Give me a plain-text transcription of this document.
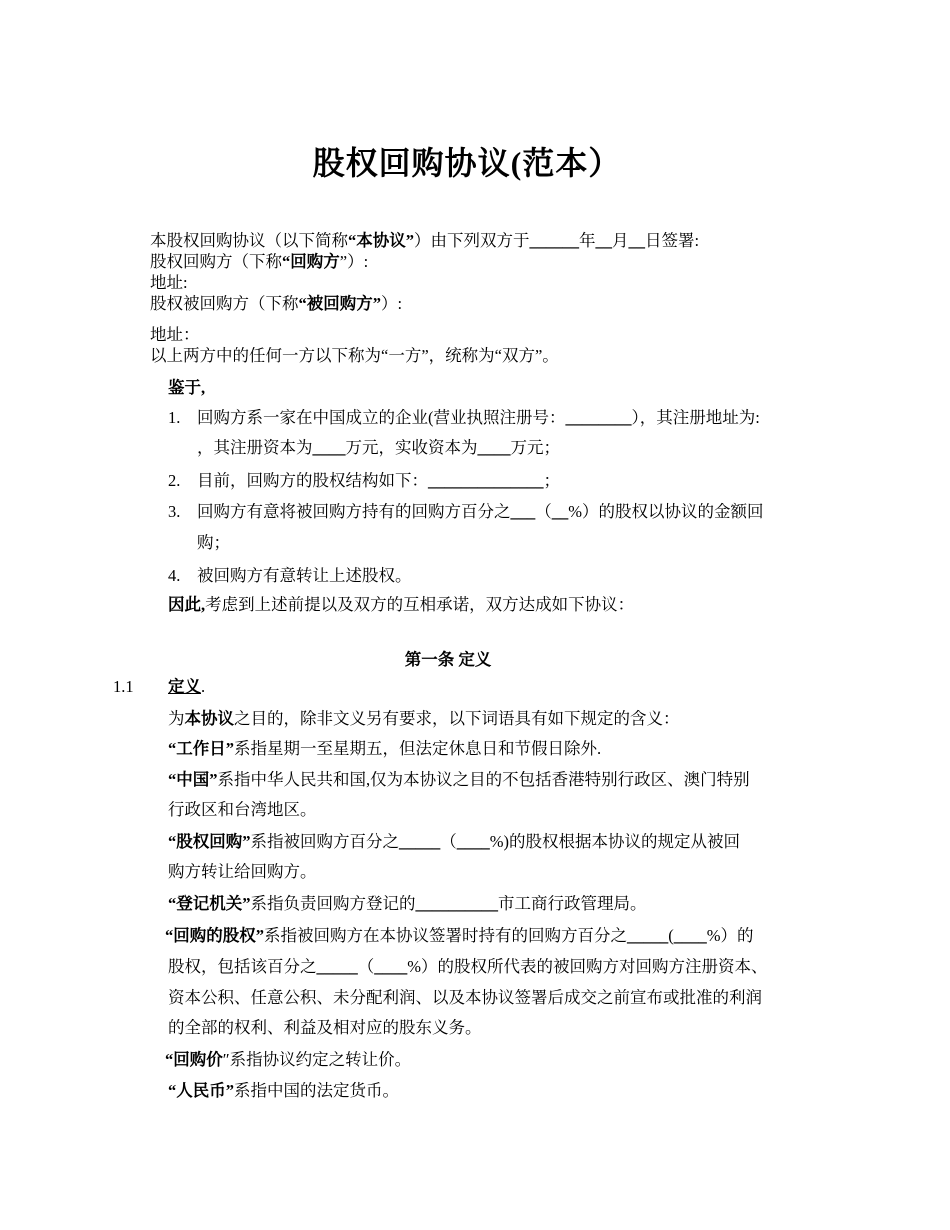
股权回购协议(范本）
本股权回购协议（以下简称“本协议”）由下列双方于______年__月__日签署:
股权回购方（下称“回购方”）:
地址:
股权被回购方（下称“被回购方”）:
地址：
以上两方中的任何一方以下称为“一方”，统称为“双方”。
鉴于,
1. 回购方系一家在中国成立的企业(营业执照注册号：________），其注册地址为:
，其注册资本为____万元，实收资本为____万元；
2. 目前，回购方的股权结构如下：______________；
3. 回购方有意将被回购方持有的回购方百分之___（__%）的股权以协议的金额回
购；
4. 被回购方有意转让上述股权。
因此,考虑到上述前提以及双方的互相承诺，双方达成如下协议：
第一条 定义
1.1 定义.
为本协议之目的，除非文义另有要求，以下词语具有如下规定的含义：
“工作日”系指星期一至星期五，但法定休息日和节假日除外.
“中国”系指中华人民共和国,仅为本协议之目的不包括香港特别行政区、澳门特别
行政区和台湾地区。
“股权回购”系指被回购方百分之_____（____%)的股权根据本协议的规定从被回
购方转让给回购方。
“登记机关”系指负责回购方登记的__________市工商行政管理局。
“回购的股权”系指被回购方在本协议签署时持有的回购方百分之_____(____%）的
股权，包括该百分之_____（____%）的股权所代表的被回购方对回购方注册资本、
资本公积、任意公积、未分配利润、以及本协议签署后成交之前宣布或批准的利润
的全部的权利、利益及相对应的股东义务。
“回购价″系指协议约定之转让价。
“人民币”系指中国的法定货币。
